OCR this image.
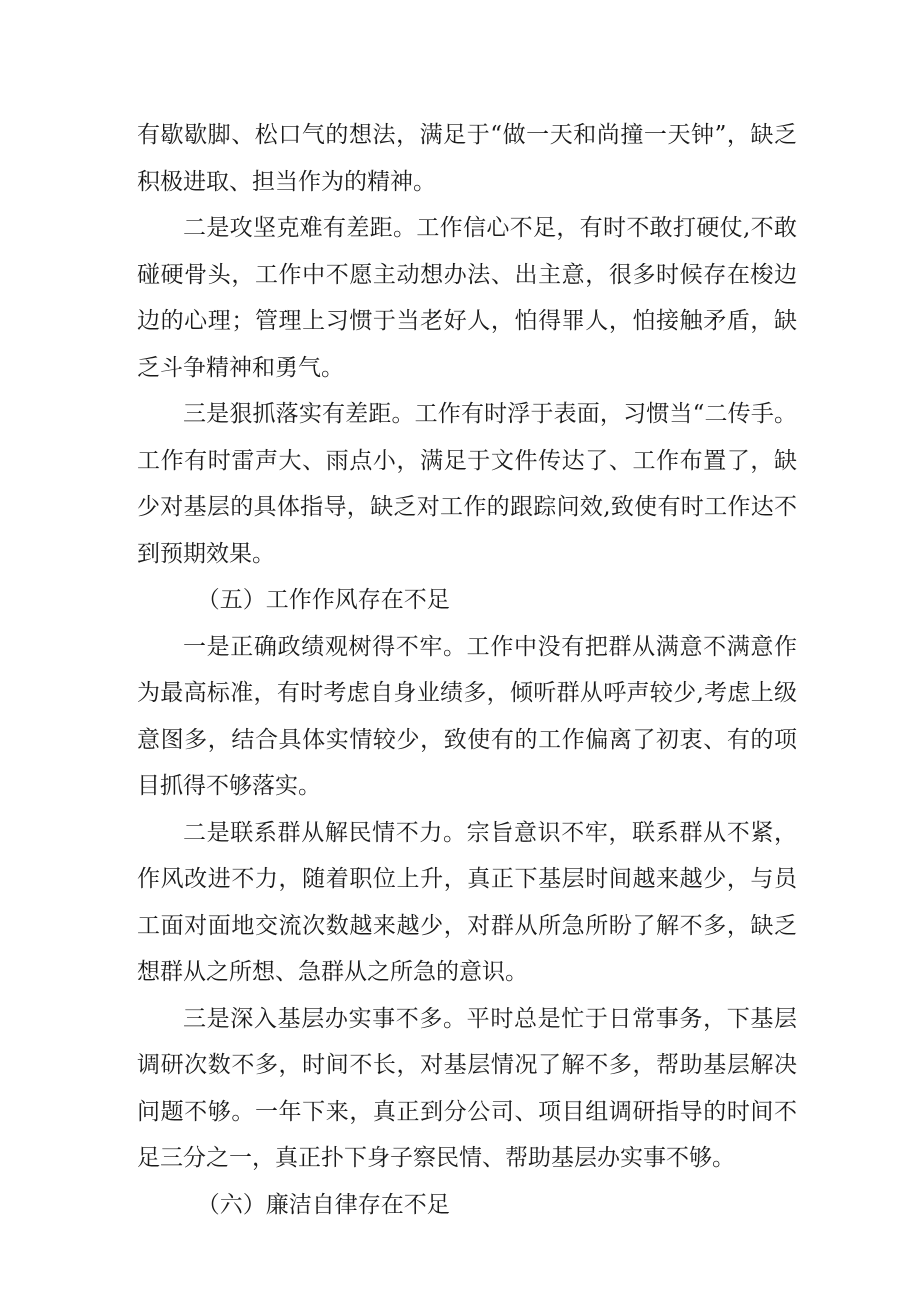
有歇歇脚、松口气的想法，满足于“做一天和尚撞一天钟”，缺乏积极进取、担当作为的精神。

二是攻坚克难有差距。工作信心不足，有时不敢打硬仗,不敢碰硬骨头，工作中不愿主动想办法、出主意，很多时候存在梭边边的心理；管理上习惯于当老好人，怕得罪人，怕接触矛盾，缺乏斗争精神和勇气。

三是狠抓落实有差距。工作有时浮于表面，习惯当“二传手。工作有时雷声大、雨点小，满足于文件传达了、工作布置了，缺少对基层的具体指导，缺乏对工作的跟踪问效,致使有时工作达不到预期效果。

（五）工作作风存在不足

一是正确政绩观树得不牢。工作中没有把群从满意不满意作为最高标准，有时考虑自身业绩多，倾听群从呼声较少,考虑上级意图多，结合具体实情较少，致使有的工作偏离了初衷、有的项目抓得不够落实。

二是联系群从解民情不力。宗旨意识不牢，联系群从不紧，作风改进不力，随着职位上升，真正下基层时间越来越少，与员工面对面地交流次数越来越少，对群从所急所盼了解不多，缺乏想群从之所想、急群从之所急的意识。

三是深入基层办实事不多。平时总是忙于日常事务，下基层调研次数不多，时间不长，对基层情况了解不多，帮助基层解决问题不够。一年下来，真正到分公司、项目组调研指导的时间不足三分之一，真正扑下身子察民情、帮助基层办实事不够。

（六）廉洁自律存在不足
